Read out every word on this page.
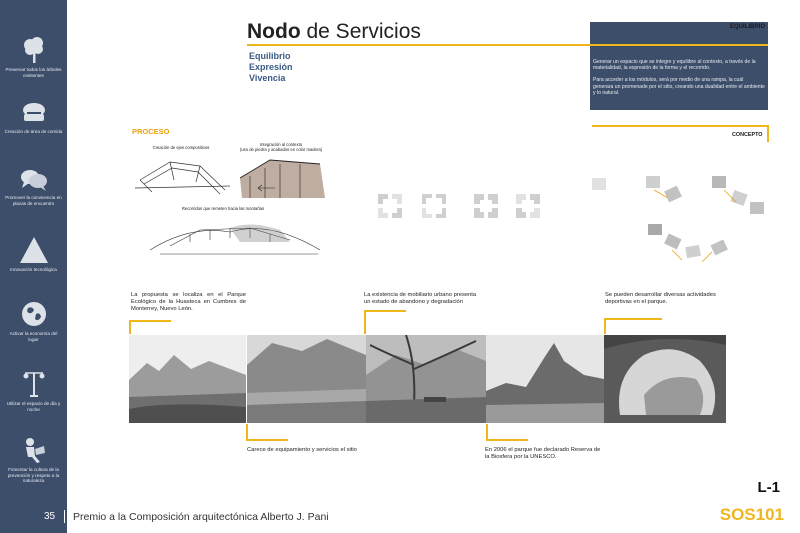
Preservar todos los árboles existentes
Creación de área de comida
Promover la convivencia en plazas de encuentro
Innovación tecnológica
Activar la economía del lugar
Utilizar el espacio de día y noche
Fomentar la cultura de la prevención y respeto a la naturaleza
Nodo de Servicios
Equilibrio
Expresión
Vivencia
EQUILIBRIO

Generar un espacio que se integre y equilibre al contexto, a través de la materialidad, la expresión de la forma y el recorrido.

Para acceder a los módulos, será por medio de una rampa, la cuál generara un promenade por el sitio, creando una dualidad entre el ambiente y lo natural.

CONCEPTO
PROCESO
Creación de ejes compositivos
Integración al contexto
(uso de piedra y acabados en color madera)
Recorridos que remeten hacia las montañas
La propuesta se localiza en el Parque Ecológico de la Huasteca en Cumbres de Monterrey, Nuevo León.
La existencia de mobiliario urbano presenta un estado de abandono y degradación
Se pueden desarrollar diversas actividades deportivas en el parque.
Carece de equipamiento y servicios el sitio	En 2006 el parque fue declarado Reserva de la Biosfera por la UNESCO.
35 Premio a la Composición arquitectónica Alberto J. Pani
L-1
SOS101
